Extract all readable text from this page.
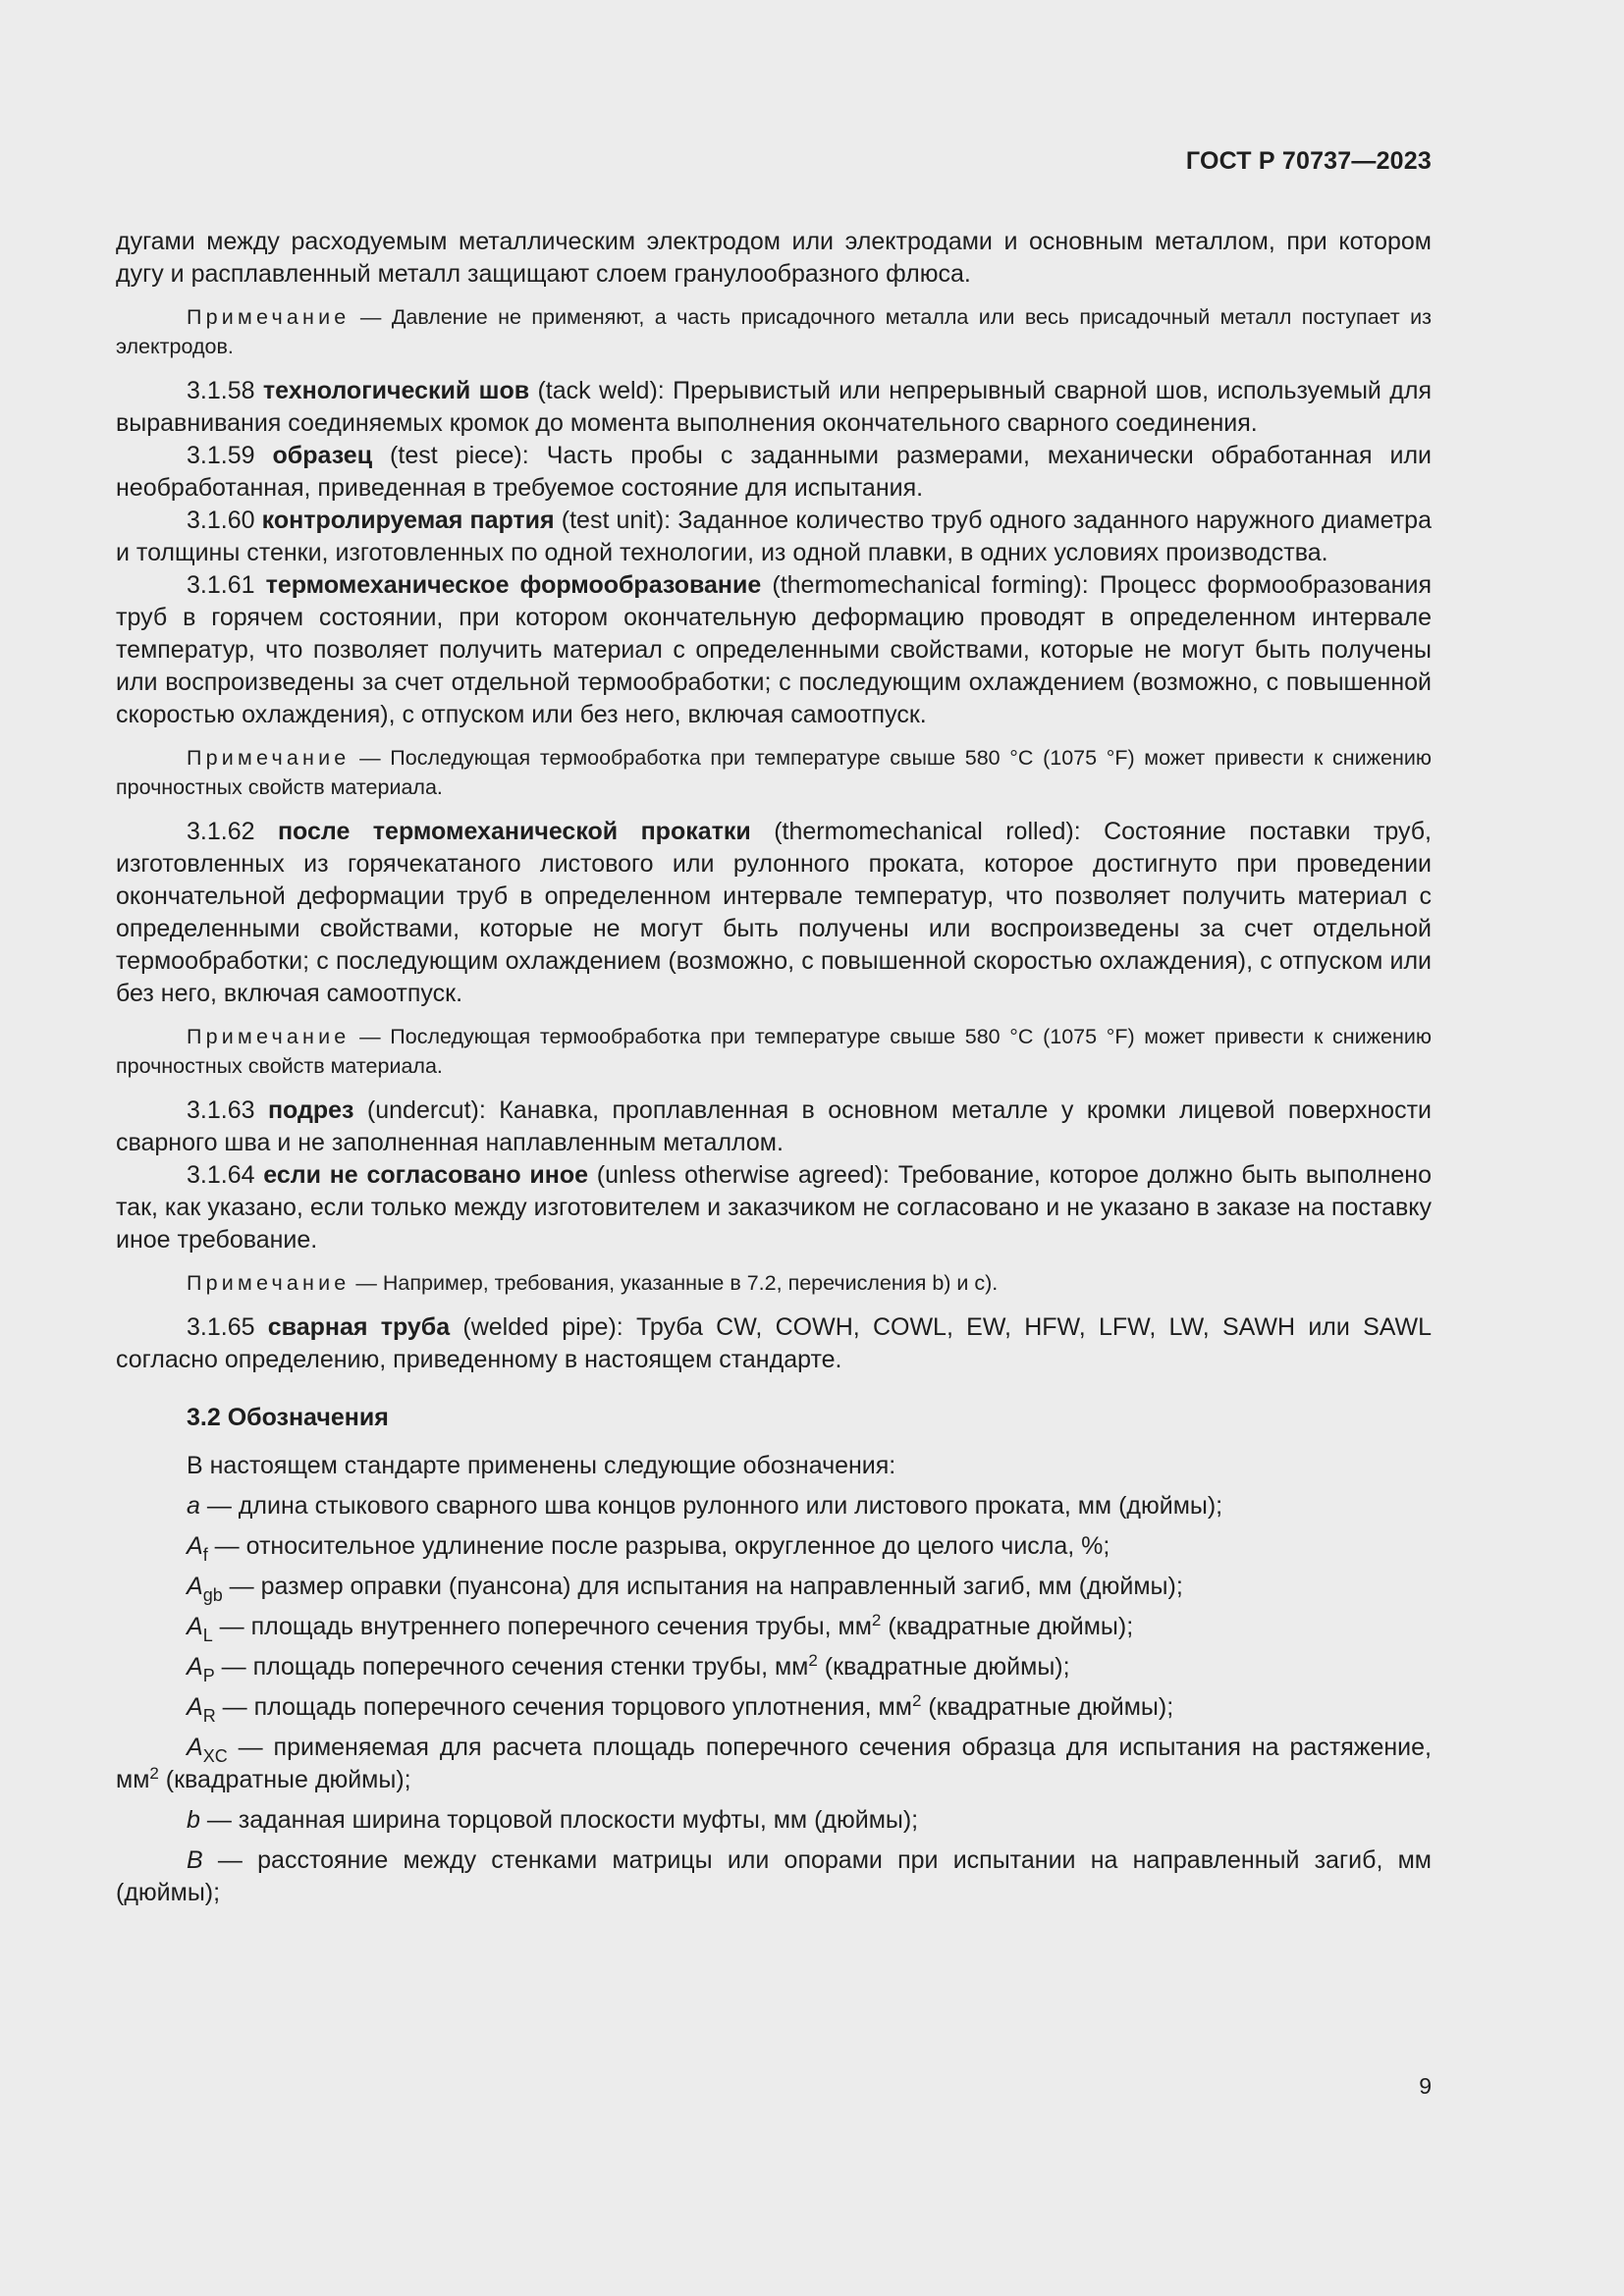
ГОСТ Р 70737—2023

дугами между расходуемым металлическим электродом или электродами и основным металлом, при котором дугу и расплавленный металл защищают слоем гранулообразного флюса.

Примечание — Давление не применяют, а часть присадочного металла или весь присадочный металл поступает из электродов.

3.1.58 технологический шов (tack weld): Прерывистый или непрерывный сварной шов, используемый для выравнивания соединяемых кромок до момента выполнения окончательного сварного соединения.

3.1.59 образец (test piece): Часть пробы с заданными размерами, механически обработанная или необработанная, приведенная в требуемое состояние для испытания.

3.1.60 контролируемая партия (test unit): Заданное количество труб одного заданного наружного диаметра и толщины стенки, изготовленных по одной технологии, из одной плавки, в одних условиях производства.

3.1.61 термомеханическое формообразование (thermomechanical forming): Процесс формообразования труб в горячем состоянии, при котором окончательную деформацию проводят в определенном интервале температур, что позволяет получить материал с определенными свойствами, которые не могут быть получены или воспроизведены за счет отдельной термообработки; с последующим охлаждением (возможно, с повышенной скоростью охлаждения), с отпуском или без него, включая самоотпуск.

Примечание — Последующая термообработка при температуре свыше 580 °С (1075 °F) может привести к снижению прочностных свойств материала.

3.1.62 после термомеханической прокатки (thermomechanical rolled): Состояние поставки труб, изготовленных из горячекатаного листового или рулонного проката, которое достигнуто при проведении окончательной деформации труб в определенном интервале температур, что позволяет получить материал с определенными свойствами, которые не могут быть получены или воспроизведены за счет отдельной термообработки; с последующим охлаждением (возможно, с повышенной скоростью охлаждения), с отпуском или без него, включая самоотпуск.

Примечание — Последующая термообработка при температуре свыше 580 °С (1075 °F) может привести к снижению прочностных свойств материала.

3.1.63 подрез (undercut): Канавка, проплавленная в основном металле у кромки лицевой поверхности сварного шва и не заполненная наплавленным металлом.

3.1.64 если не согласовано иное (unless otherwise agreed): Требование, которое должно быть выполнено так, как указано, если только между изготовителем и заказчиком не согласовано и не указано в заказе на поставку иное требование.

Примечание — Например, требования, указанные в 7.2, перечисления b) и с).

3.1.65 сварная труба (welded pipe): Труба CW, COWH, COWL, EW, HFW, LFW, LW, SAWH или SAWL согласно определению, приведенному в настоящем стандарте.

3.2 Обозначения

В настоящем стандарте применены следующие обозначения:

a — длина стыкового сварного шва концов рулонного или листового проката, мм (дюймы);

$A_f$ — относительное удлинение после разрыва, округленное до целого числа, %;

$A_{gb}$ — размер оправки (пуансона) для испытания на направленный загиб, мм (дюймы);

$A_L$ — площадь внутреннего поперечного сечения трубы, $мм^2$ (квадратные дюймы);

$A_P$ — площадь поперечного сечения стенки трубы, $мм^2$ (квадратные дюймы);

$A_R$ — площадь поперечного сечения торцового уплотнения, $мм^2$ (квадратные дюймы);

$A_{XC}$ — применяемая для расчета площадь поперечного сечения образца для испытания на растяжение, $мм^2$ (квадратные дюймы);

b — заданная ширина торцовой плоскости муфты, мм (дюймы);

B — расстояние между стенками матрицы или опорами при испытании на направленный загиб, мм (дюймы);

9
